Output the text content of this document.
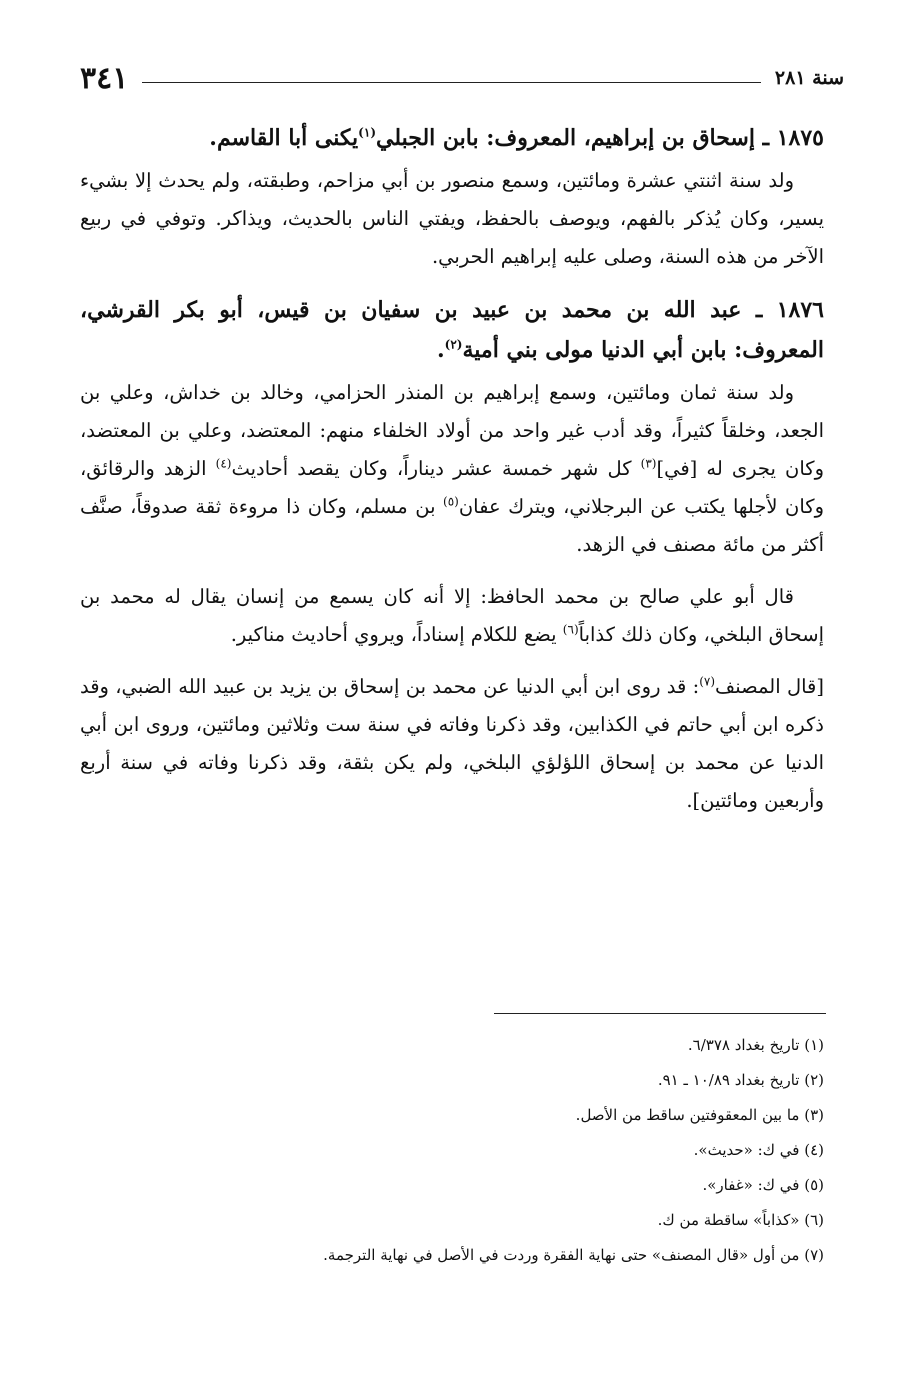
سنة ٢٨١
٣٤١
١٨٧٥ ـ إسحاق بن إبراهيم، المعروف: بابن الجبلي$^{(١)}$يكنى أبا القاسم.

ولد سنة اثنتي عشرة ومائتين، وسمع منصور بن أبي مزاحم، وطبقته، ولم يحدث إلا بشيء يسير، وكان يُذكر بالفهم، ويوصف بالحفظ، ويفتي الناس بالحديث، ويذاكر. وتوفي في ربيع الآخر من هذه السنة، وصلى عليه إبراهيم الحربي.

١٨٧٦ ـ عبد الله بن محمد بن عبيد بن سفيان بن قيس، أبو بكر القرشي، المعروف: بابن أبي الدنيا مولى بني أمية$^{(٢)}$.

ولد سنة ثمان ومائتين، وسمع إبراهيم بن المنذر الحزامي، وخالد بن خداش، وعلي بن الجعد، وخلقاً كثيراً، وقد أدب غير واحد من أولاد الخلفاء منهم: المعتضد، وعلي بن المعتضد، وكان يجرى له [في]$^{(٣)}$ كل شهر خمسة عشر ديناراً، وكان يقصد أحاديث$^{(٤)}$ الزهد والرقائق، وكان لأجلها يكتب عن البرجلاني، ويترك عفان$^{(٥)}$ بن مسلم، وكان ذا مروءة ثقة صدوقاً، صنَّف أكثر من مائة مصنف في الزهد.

قال أبو علي صالح بن محمد الحافظ: إلا أنه كان يسمع من إنسان يقال له محمد بن إسحاق البلخي، وكان ذلك كذاباً$^{(٦)}$ يضع للكلام إسناداً، ويروي أحاديث مناكير.

[قال المصنف$^{(٧)}$: قد روى ابن أبي الدنيا عن محمد بن إسحاق بن يزيد بن عبيد الله الضبي، وقد ذكره ابن أبي حاتم في الكذابين، وقد ذكرنا وفاته في سنة ست وثلاثين ومائتين، وروى ابن أبي الدنيا عن محمد بن إسحاق اللؤلؤي البلخي، ولم يكن بثقة، وقد ذكرنا وفاته في سنة أربع وأربعين ومائتين].

(١) تاريخ بغداد ٦/٣٧٨.
(٢) تاريخ بغداد ١٠/٨٩ ـ ٩١.
(٣) ما بين المعقوفتين ساقط من الأصل.
(٤) في ك: «حديث».
(٥) في ك: «غفار».
(٦) «كذاباً» ساقطة من ك.
(٧) من أول «قال المصنف» حتى نهاية الفقرة وردت في الأصل في نهاية الترجمة.
